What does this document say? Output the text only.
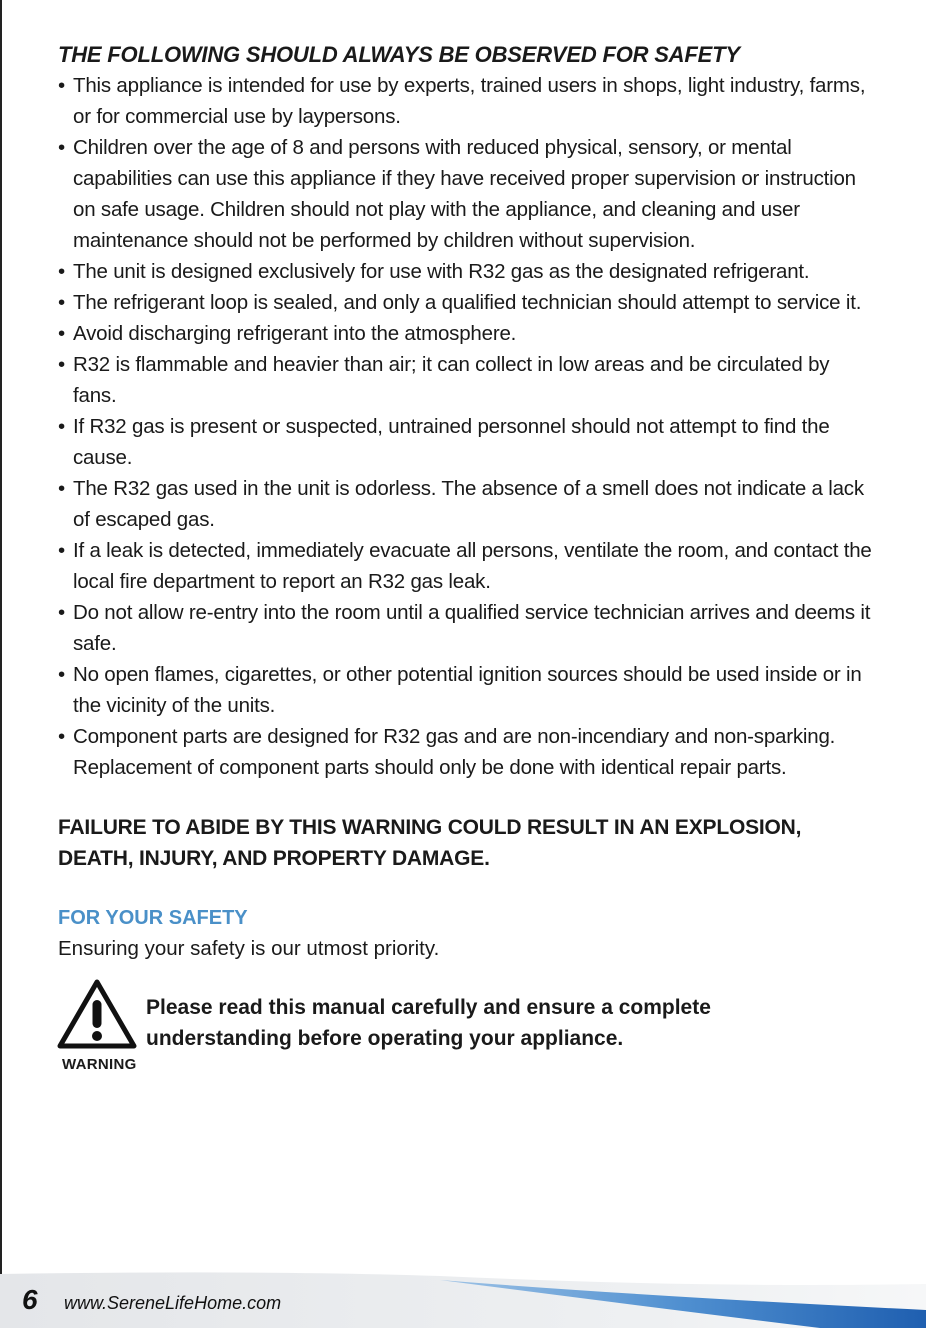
THE FOLLOWING SHOULD ALWAYS BE OBSERVED FOR SAFETY
• This appliance is intended for use by experts, trained users in shops, light industry, farms, or for commercial use by laypersons.
• Children over the age of 8 and persons with reduced physical, sensory, or mental capabilities can use this appliance if they have received proper supervision or instruction on safe usage. Children should not play with the appliance, and cleaning and user maintenance should not be performed by children without supervision.
• The unit is designed exclusively for use with R32 gas as the designated refrigerant.
• The refrigerant loop is sealed, and only a qualified technician should attempt to service it.
• Avoid discharging refrigerant into the atmosphere.
• R32 is flammable and heavier than air; it can collect in low areas and be circulated by fans.
• If R32 gas is present or suspected, untrained personnel should not attempt to find the cause.
• The R32 gas used in the unit is odorless. The absence of a smell does not indicate a lack of escaped gas.
• If a leak is detected, immediately evacuate all persons, ventilate the room, and contact the local fire department to report an R32 gas leak.
• Do not allow re-entry into the room until a qualified service technician arrives and deems it safe.
• No open flames, cigarettes, or other potential ignition sources should be used inside or in the vicinity of the units.
• Component parts are designed for R32 gas and are non-incendiary and non-sparking. Replacement of component parts should only be done with identical repair parts.
FAILURE TO ABIDE BY THIS WARNING COULD RESULT IN AN EXPLOSION, DEATH, INJURY, AND PROPERTY DAMAGE.
FOR YOUR SAFETY
Ensuring your safety is our utmost priority.
WARNING
Please read this manual carefully and ensure a complete understanding before operating your appliance.
6 www.SereneLifeHome.com
